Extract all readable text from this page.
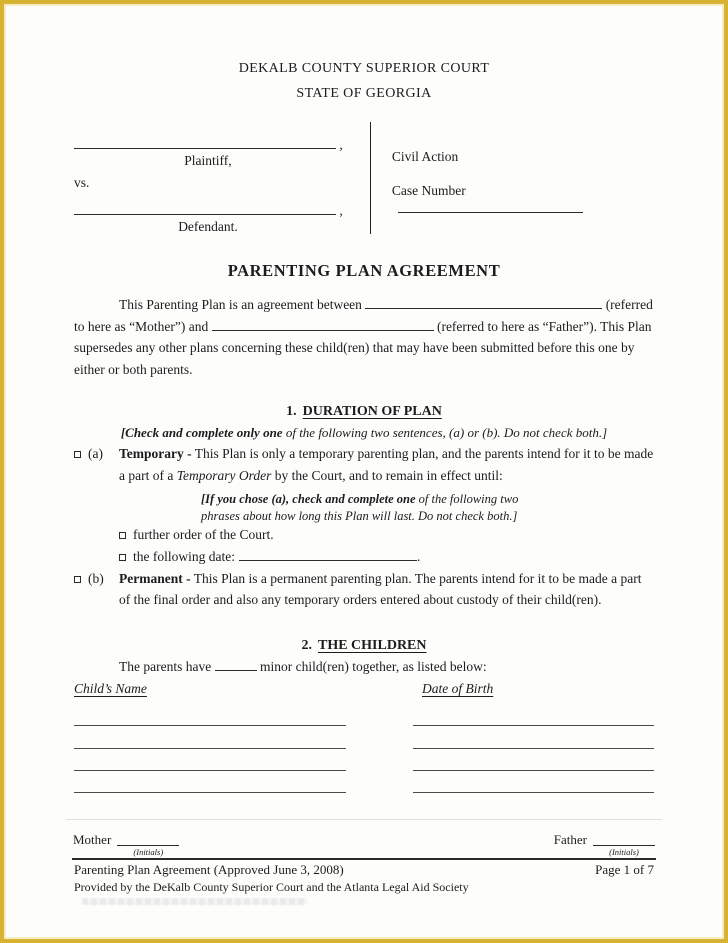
DEKALB COUNTY SUPERIOR COURT
STATE OF GEORGIA
,
Plaintiff,
vs.
,
Defendant.
Civil Action
Case Number
PARENTING PLAN AGREEMENT

This Parenting Plan is an agreement between	(referred to here as “Mother”) and	(referred to here as “Father”). This Plan supersedes any other plans concerning these child(ren) that may have been submitted before this one by either or both parents.

1. DURATION OF PLAN
[Check and complete only one of the following two sentences, (a) or (b). Do not check both.]
(a) Temporary - This Plan is only a temporary parenting plan, and the parents intend for it to be made a part of a Temporary Order by the Court, and to remain in effect until:
[If you chose (a), check and complete one of the following two phrases about how long this Plan will last. Do not check both.]
further order of the Court.
the following date:	.
(b) Permanent - This Plan is a permanent parenting plan. The parents intend for it to be made a part of the final order and also any temporary orders entered about custody of their child(ren).
2. THE CHILDREN
The parents have	minor child(ren) together, as listed below:
Child’s Name	Date of Birth
Mother
(Initials)
Father
(Initials)
Parenting Plan Agreement (Approved June 3, 2008)	Page 1 of 7
Provided by the DeKalb County Superior Court and the Atlanta Legal Aid Society
